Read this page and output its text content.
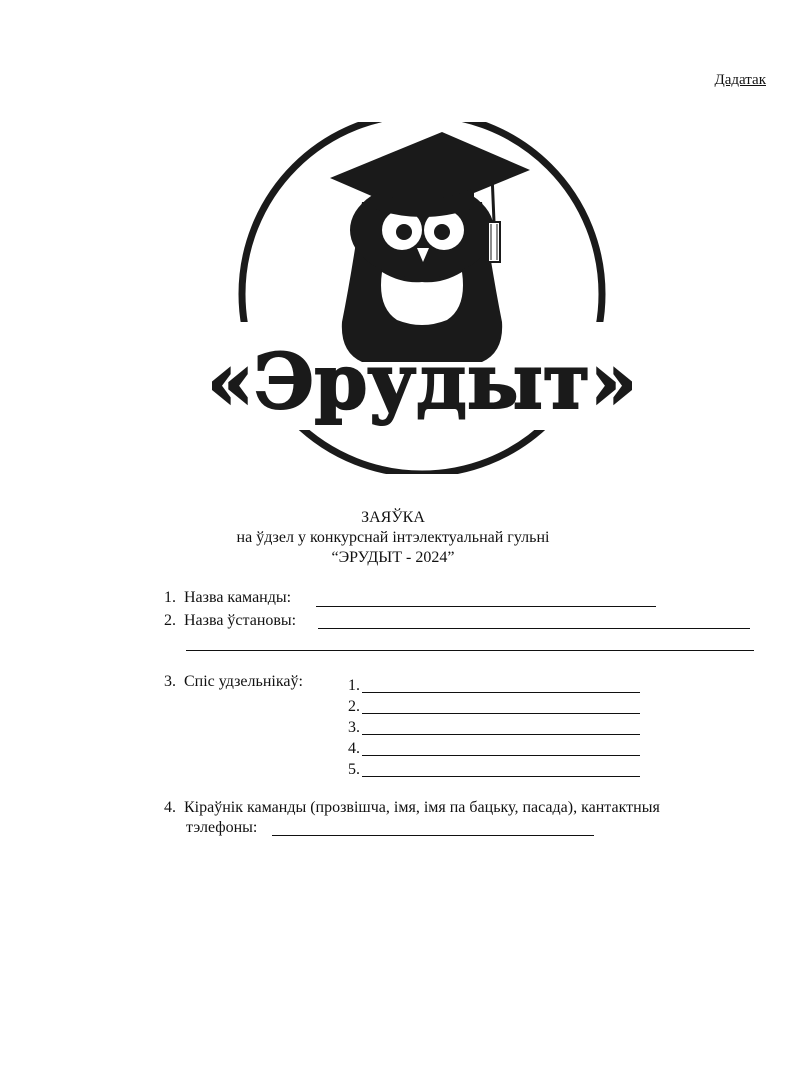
Дадатак
«Эрудыт»
ЗАЯЎКА
на ўдзел у конкурснай інтэлектуальнай гульні
“ЭРУДЫТ - 2024”
1. Назва каманды:
2. Назва ўстановы:
3. Спіс удзельнікаў:	1.
2.
3.
4.
5.
4. Кіраўнік каманды (прозвішча, імя, імя па бацьку, пасада), кантактныя
тэлефоны:
